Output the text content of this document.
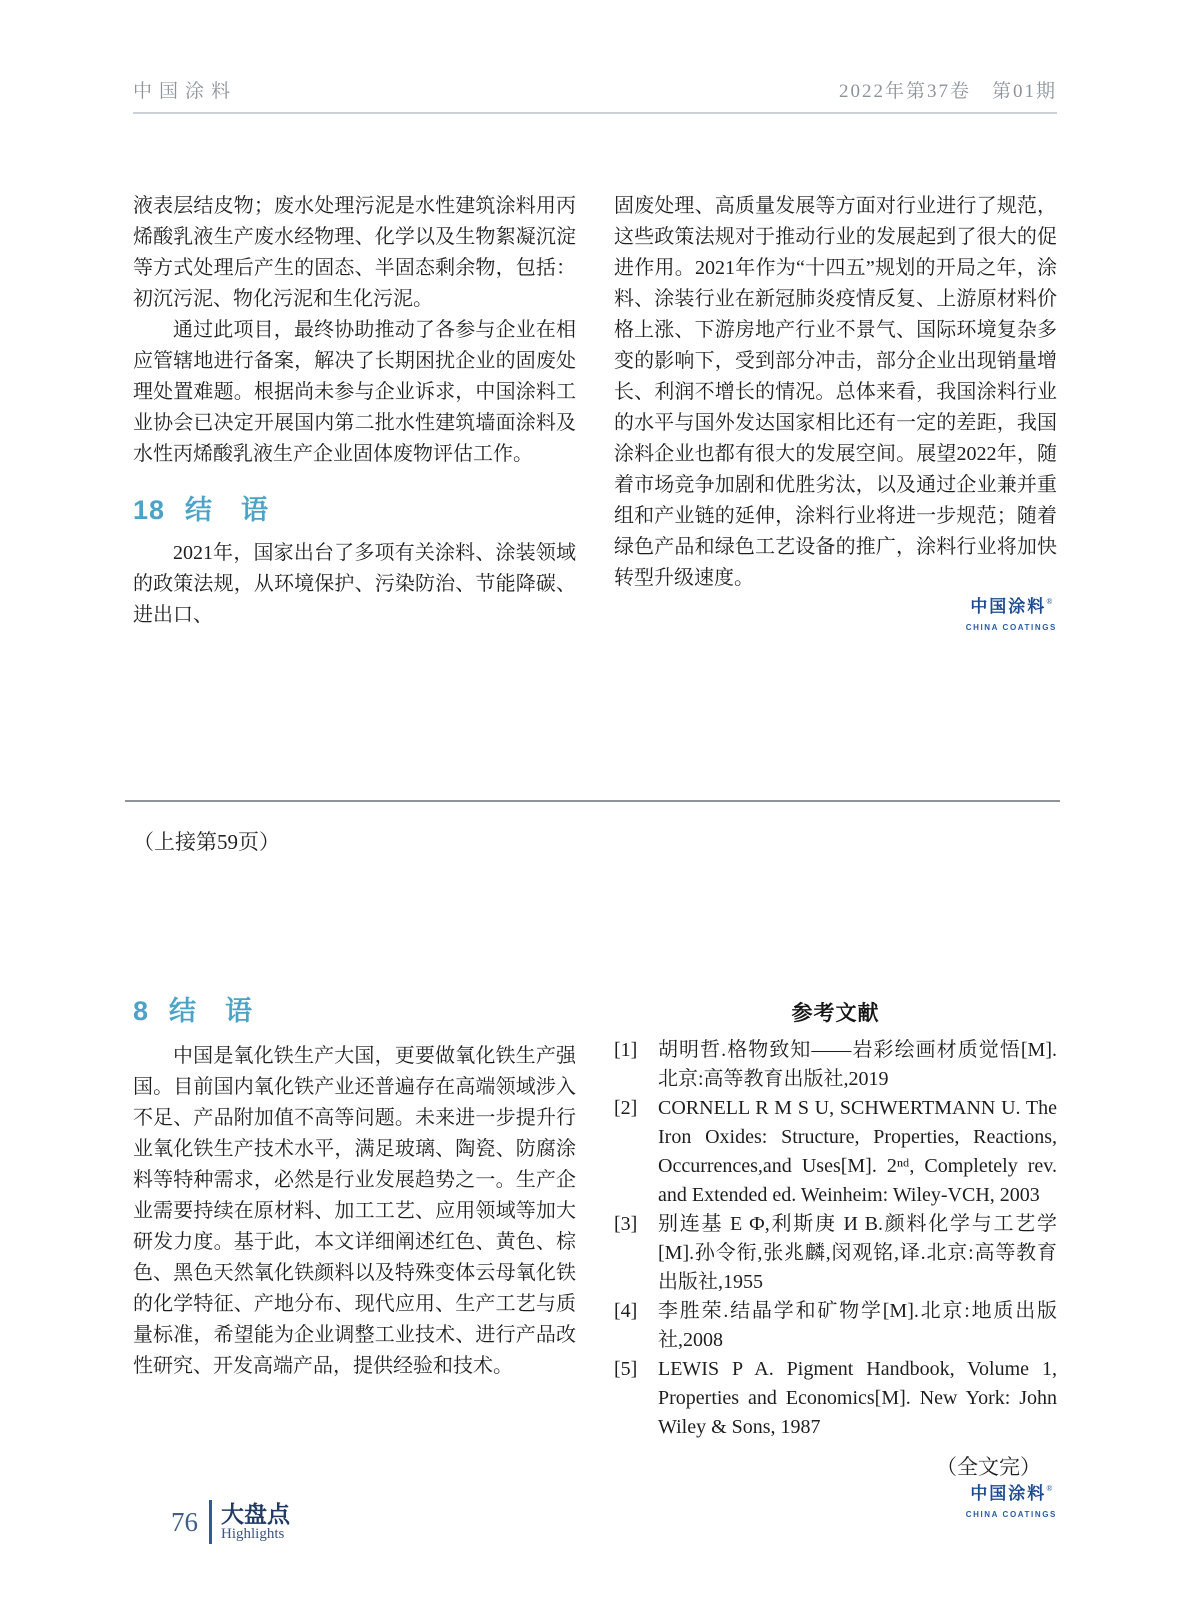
中国涂料	2022年第37卷　第01期

液表层结皮物；废水处理污泥是水性建筑涂料用丙烯酸乳液生产废水经物理、化学以及生物絮凝沉淀等方式处理后产生的固态、半固态剩余物，包括：初沉污泥、物化污泥和生化污泥。

通过此项目，最终协助推动了各参与企业在相应管辖地进行备案，解决了长期困扰企业的固废处理处置难题。根据尚未参与企业诉求，中国涂料工业协会已决定开展国内第二批水性建筑墙面涂料及水性丙烯酸乳液生产企业固体废物评估工作。

18 结　语

2021年，国家出台了多项有关涂料、涂装领域的政策法规，从环境保护、污染防治、节能降碳、进出口、

固废处理、高质量发展等方面对行业进行了规范，这些政策法规对于推动行业的发展起到了很大的促进作用。2021年作为“十四五”规划的开局之年，涂料、涂装行业在新冠肺炎疫情反复、上游原材料价格上涨、下游房地产行业不景气、国际环境复杂多变的影响下，受到部分冲击，部分企业出现销量增长、利润不增长的情况。总体来看，我国涂料行业的水平与国外发达国家相比还有一定的差距，我国涂料企业也都有很大的发展空间。展望2022年，随着市场竞争加剧和优胜劣汰，以及通过企业兼并重组和产业链的延伸，涂料行业将进一步规范；随着绿色产品和绿色工艺设备的推广，涂料行业将加快转型升级速度。

中国涂料®
CHINA COATINGS
（上接第59页）
8 结　语

中国是氧化铁生产大国，更要做氧化铁生产强国。目前国内氧化铁产业还普遍存在高端领域涉入不足、产品附加值不高等问题。未来进一步提升行业氧化铁生产技术水平，满足玻璃、陶瓷、防腐涂料等特种需求，必然是行业发展趋势之一。生产企业需要持续在原材料、加工工艺、应用领域等加大研发力度。基于此，本文详细阐述红色、黄色、棕色、黑色天然氧化铁颜料以及特殊变体云母氧化铁的化学特征、产地分布、现代应用、生产工艺与质量标准，希望能为企业调整工业技术、进行产品改性研究、开发高端产品，提供经验和技术。

参考文献
[1]	胡明哲.格物致知——岩彩绘画材质觉悟[M].北京:高等教育出版社,2019
[2]	CORNELL R M S U, SCHWERTMANN U. The Iron Oxides: Structure, Properties, Reactions, Occurrences,and Uses[M]. 2ⁿᵈ, Completely rev. and Extended ed. Weinheim: Wiley-VCH, 2003
[3]	别连基 Е Ф,利斯庚 И В.颜料化学与工艺学[M].孙令衔,张兆麟,闵观铭,译.北京:高等教育出版社,1955
[4]	李胜荣.结晶学和矿物学[M].北京:地质出版社,2008
[5]	LEWIS P A. Pigment Handbook, Volume 1, Properties and Economics[M]. New York: John Wiley & Sons, 1987
（全文完）
中国涂料®
CHINA COATINGS
76 大盘点
Highlights
